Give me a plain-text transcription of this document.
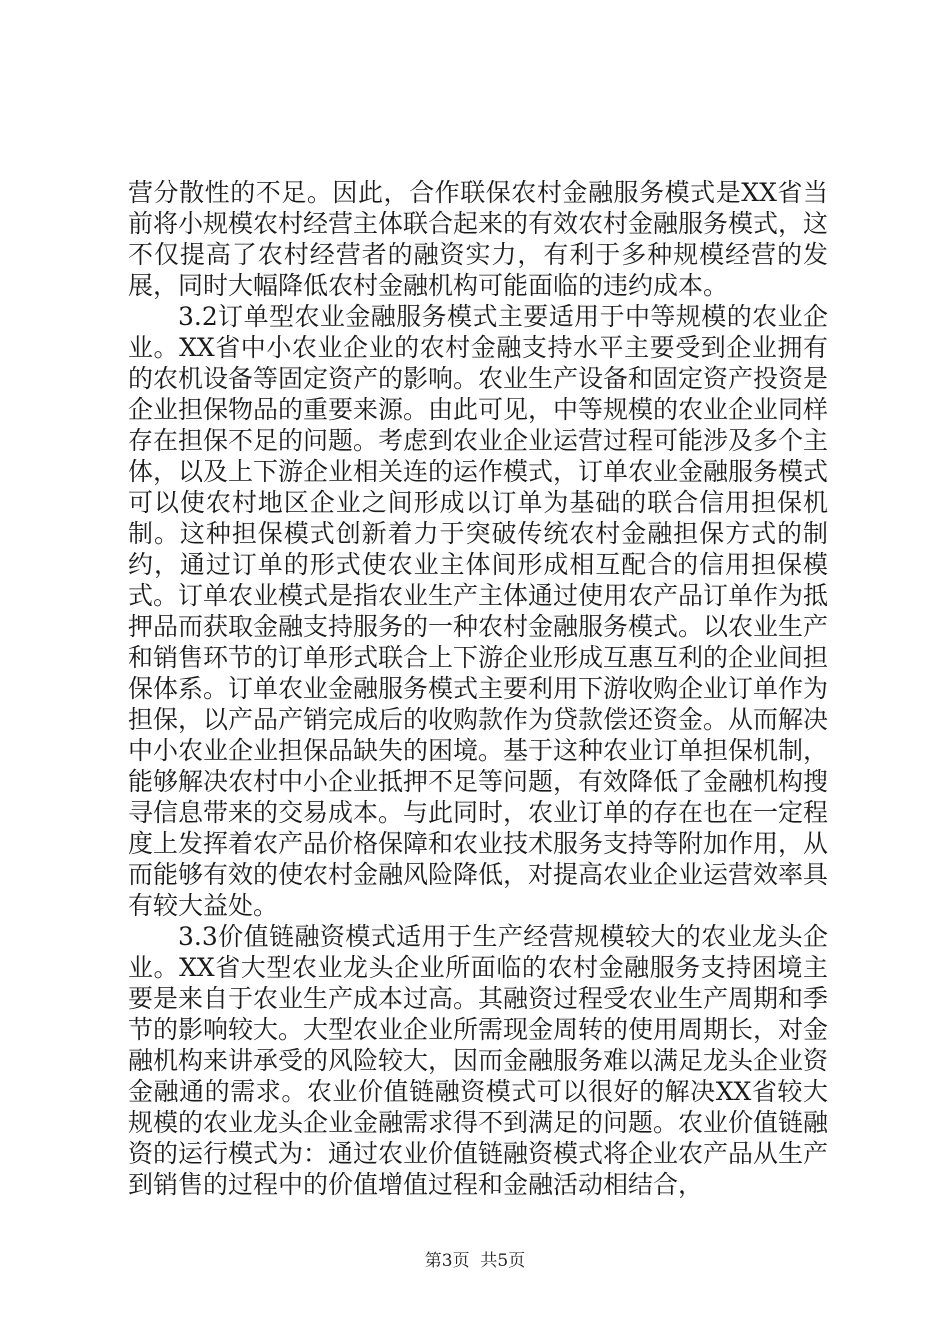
营分散性的不足。因此，合作联保农村金融服务模式是XX省当前将小规模农村经营主体联合起来的有效农村金融服务模式，这不仅提高了农村经营者的融资实力，有利于多种规模经营的发展，同时大幅降低农村金融机构可能面临的违约成本。

3.2订单型农业金融服务模式主要适用于中等规模的农业企业。XX省中小农业企业的农村金融支持水平主要受到企业拥有的农机设备等固定资产的影响。农业生产设备和固定资产投资是企业担保物品的重要来源。由此可见，中等规模的农业企业同样存在担保不足的问题。考虑到农业企业运营过程可能涉及多个主体，以及上下游企业相关连的运作模式，订单农业金融服务模式可以使农村地区企业之间形成以订单为基础的联合信用担保机制。这种担保模式创新着力于突破传统农村金融担保方式的制约，通过订单的形式使农业主体间形成相互配合的信用担保模式。订单农业模式是指农业生产主体通过使用农产品订单作为抵押品而获取金融支持服务的一种农村金融服务模式。以农业生产和销售环节的订单形式联合上下游企业形成互惠互利的企业间担保体系。订单农业金融服务模式主要利用下游收购企业订单作为担保，以产品产销完成后的收购款作为贷款偿还资金。从而解决中小农业企业担保品缺失的困境。基于这种农业订单担保机制，能够解决农村中小企业抵押不足等问题，有效降低了金融机构搜寻信息带来的交易成本。与此同时，农业订单的存在也在一定程度上发挥着农产品价格保障和农业技术服务支持等附加作用，从而能够有效的使农村金融风险降低，对提高农业企业运营效率具有较大益处。

3.3价值链融资模式适用于生产经营规模较大的农业龙头企业。XX省大型农业龙头企业所面临的农村金融服务支持困境主要是来自于农业生产成本过高。其融资过程受农业生产周期和季节的影响较大。大型农业企业所需现金周转的使用周期长，对金融机构来讲承受的风险较大，因而金融服务难以满足龙头企业资金融通的需求。农业价值链融资模式可以很好的解决XX省较大规模的农业龙头企业金融需求得不到满足的问题。农业价值链融资的运行模式为：通过农业价值链融资模式将企业农产品从生产到销售的过程中的价值增值过程和金融活动相结合，

第3页 共5页
